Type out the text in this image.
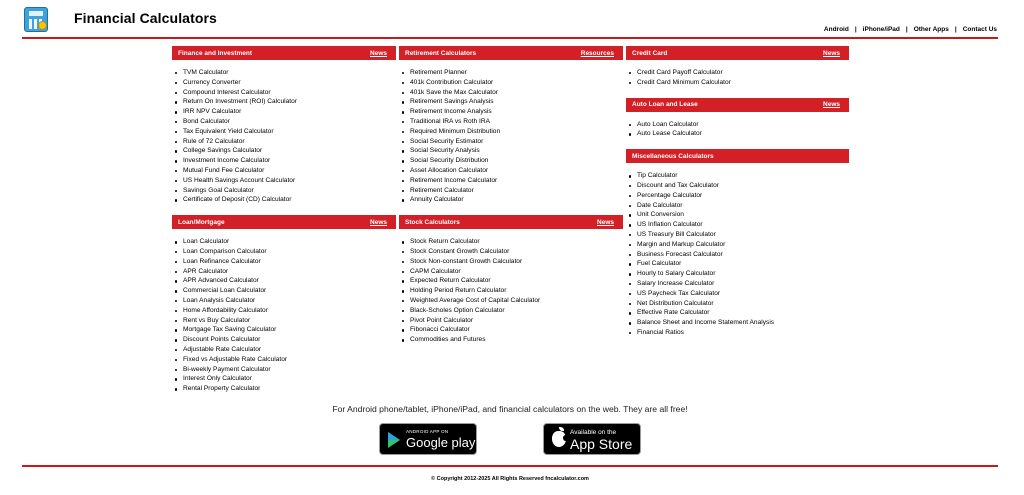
Financial Calculators
Android | iPhone/iPad | Other Apps | Contact Us
Finance and Investment	News
TVM Calculator
Currency Converter
Compound Interest Calculator
Return On Investment (ROI) Calculator
IRR NPV Calculator
Bond Calculator
Tax Equivalent Yield Calculator
Rule of 72 Calculator
College Savings Calculator
Investment Income Calculator
Mutual Fund Fee Calculator
US Health Savings Account Calculator
Savings Goal Calculator
Certificate of Deposit (CD) Calculator
Loan/Mortgage	News
Loan Calculator
Loan Comparison Calculator
Loan Refinance Calculator
APR Calculator
APR Advanced Calculator
Commercial Loan Calculator
Loan Analysis Calculator
Home Affordability Calculator
Rent vs Buy Calculator
Mortgage Tax Saving Calculator
Discount Points Calculator
Adjustable Rate Calculator
Fixed vs Adjustable Rate Calculator
Bi-weekly Payment Calculator
Interest Only Calculator
Rental Property Calculator
Retirement Calculators	Resources
Retirement Planner
401k Contribution Calculator
401k Save the Max Calculator
Retirement Savings Analysis
Retirement Income Analysis
Traditional IRA vs Roth IRA
Required Minimum Distribution
Social Security Estimator
Social Security Analysis
Social Security Distribution
Asset Allocation Calculator
Retirement Income Calculator
Retirement Calculator
Annuity Calculator
Stock Calculators	News
Stock Return Calculator
Stock Constant Growth Calculator
Stock Non-constant Growth Calculator
CAPM Calculator
Expected Return Calculator
Holding Period Return Calculator
Weighted Average Cost of Capital Calculator
Black-Scholes Option Calculator
Pivot Point Calculator
Fibonacci Calculator
Commodities and Futures
Credit Card	News
Credit Card Payoff Calculator
Credit Card Minimum Calculator
Auto Loan and Lease	News
Auto Loan Calculator
Auto Lease Calculator
Miscellaneous Calculators
Tip Calculator
Discount and Tax Calculator
Percentage Calculator
Date Calculator
Unit Conversion
US Inflation Calculator
US Treasury Bill Calculator
Margin and Markup Calculator
Business Forecast Calculator
Fuel Calculator
Hourly to Salary Calculator
Salary Increase Calculator
US Paycheck Tax Calculator
Net Distribution Calculator
Effective Rate Calculator
Balance Sheet and Income Statement Analysis
Financial Ratios
For Android phone/tablet, iPhone/iPad, and financial calculators on the web. They are all free!
ANDROID APP ON
Google play
Available on the
App Store
© Copyright 2012-2025 All Rights Reserved fncalculator.com
